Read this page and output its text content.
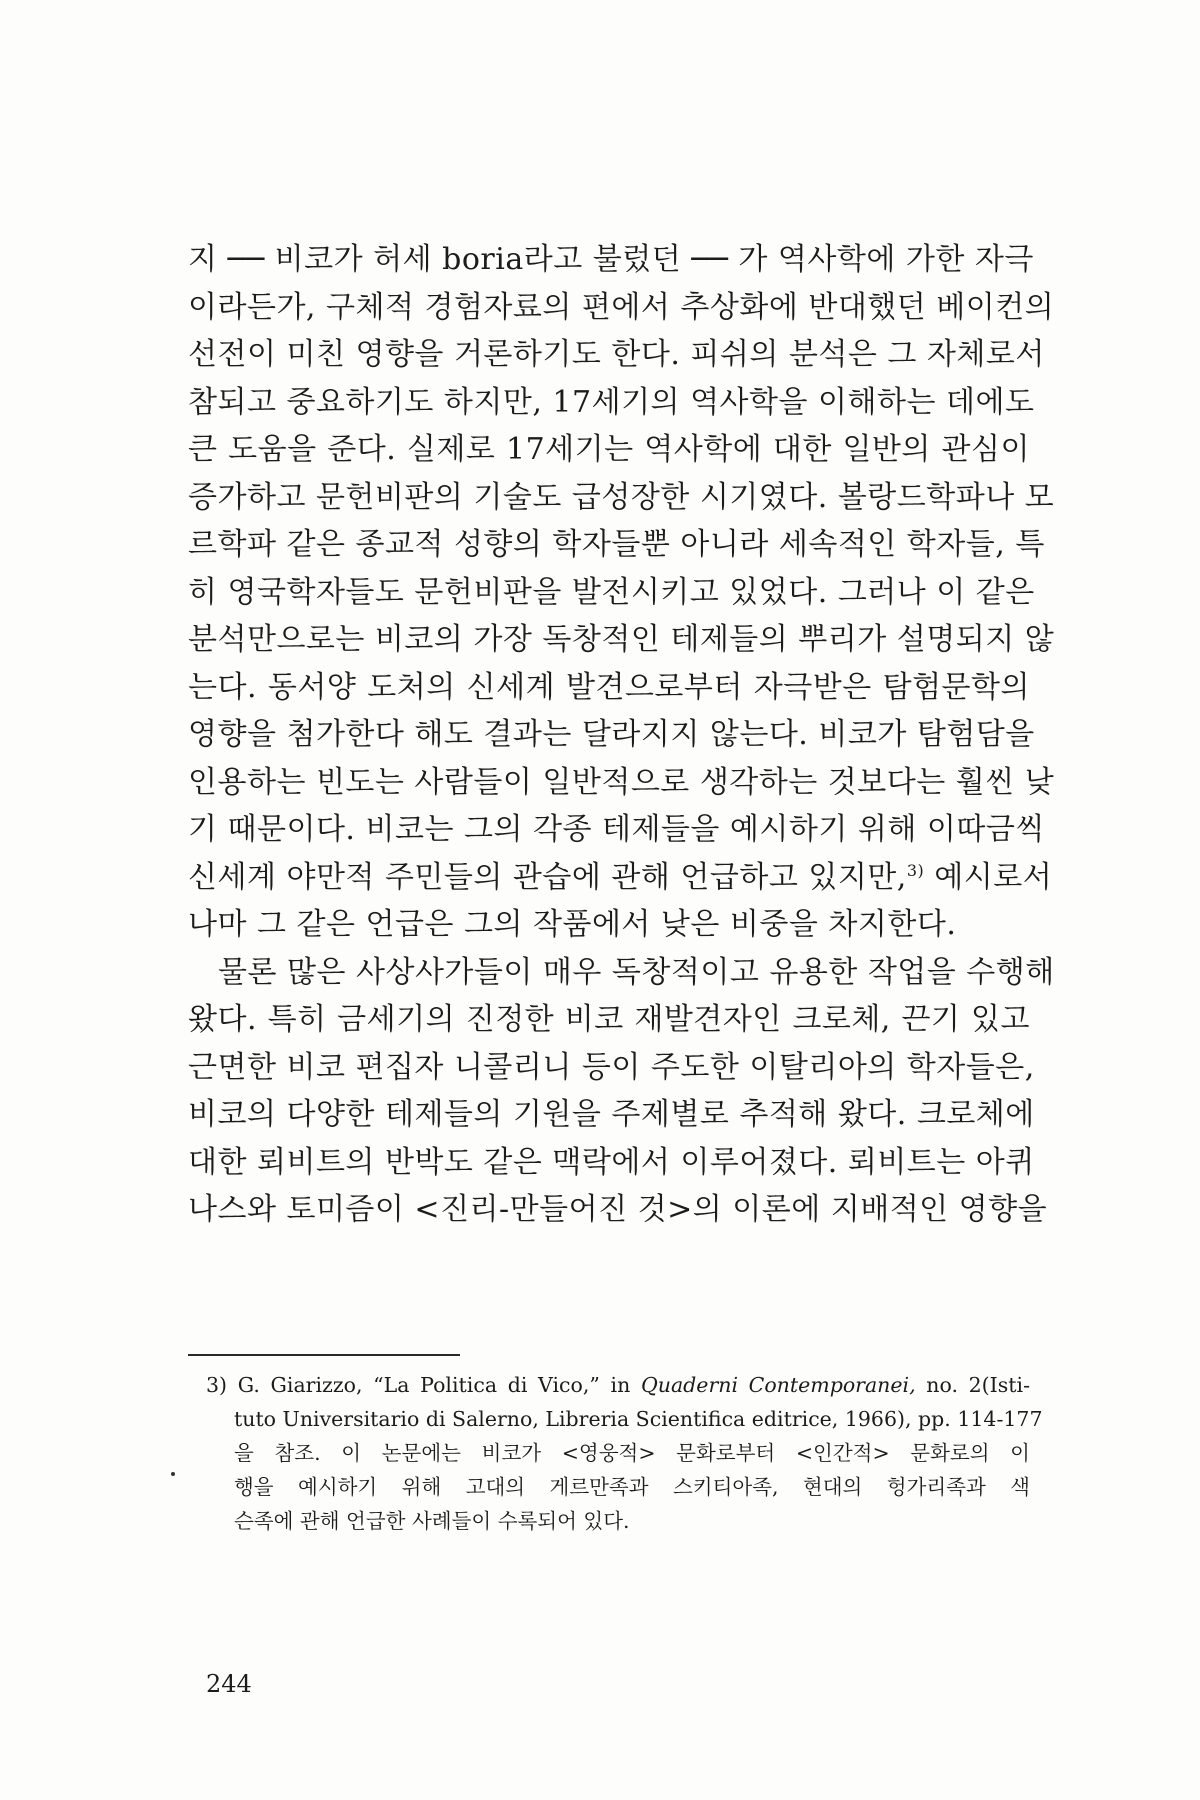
지 ── 비코가 허세 boria라고 불렀던 ── 가 역사학에 가한 자극
이라든가, 구체적 경험자료의 편에서 추상화에 반대했던 베이컨의
선전이 미친 영향을 거론하기도 한다. 피쉬의 분석은 그 자체로서
참되고 중요하기도 하지만, 17세기의 역사학을 이해하는 데에도
큰 도움을 준다. 실제로 17세기는 역사학에 대한 일반의 관심이
증가하고 문헌비판의 기술도 급성장한 시기였다. 볼랑드학파나 모
르학파 같은 종교적 성향의 학자들뿐 아니라 세속적인 학자들, 특
히 영국학자들도 문헌비판을 발전시키고 있었다. 그러나 이 같은
분석만으로는 비코의 가장 독창적인 테제들의 뿌리가 설명되지 않
는다. 동서양 도처의 신세계 발견으로부터 자극받은 탐험문학의
영향을 첨가한다 해도 결과는 달라지지 않는다. 비코가 탐험담을
인용하는 빈도는 사람들이 일반적으로 생각하는 것보다는 훨씬 낮
기 때문이다. 비코는 그의 각종 테제들을 예시하기 위해 이따금씩
신세계 야만적 주민들의 관습에 관해 언급하고 있지만,$^{3)}$ 예시로서
나마 그 같은 언급은 그의 작품에서 낮은 비중을 차지한다.
물론 많은 사상사가들이 매우 독창적이고 유용한 작업을 수행해
왔다. 특히 금세기의 진정한 비코 재발견자인 크로체, 끈기 있고
근면한 비코 편집자 니콜리니 등이 주도한 이탈리아의 학자들은,
비코의 다양한 테제들의 기원을 주제별로 추적해 왔다. 크로체에
대한 뢰비트의 반박도 같은 맥락에서 이루어졌다. 뢰비트는 아퀴
나스와 토미즘이 <진리-만들어진 것>의 이론에 지배적인 영향을
3) G. Giarizzo, “La Politica di Vico,” in Quaderni Contemporanei, no. 2(Isti-
tuto Universitario di Salerno, Libreria Scientifica editrice, 1966), pp. 114-177
을 참조. 이 논문에는 비코가 <영웅적> 문화로부터 <인간적> 문화로의 이
행을 예시하기 위해 고대의 게르만족과 스키티아족, 현대의 헝가리족과 색
슨족에 관해 언급한 사례들이 수록되어 있다.
244
